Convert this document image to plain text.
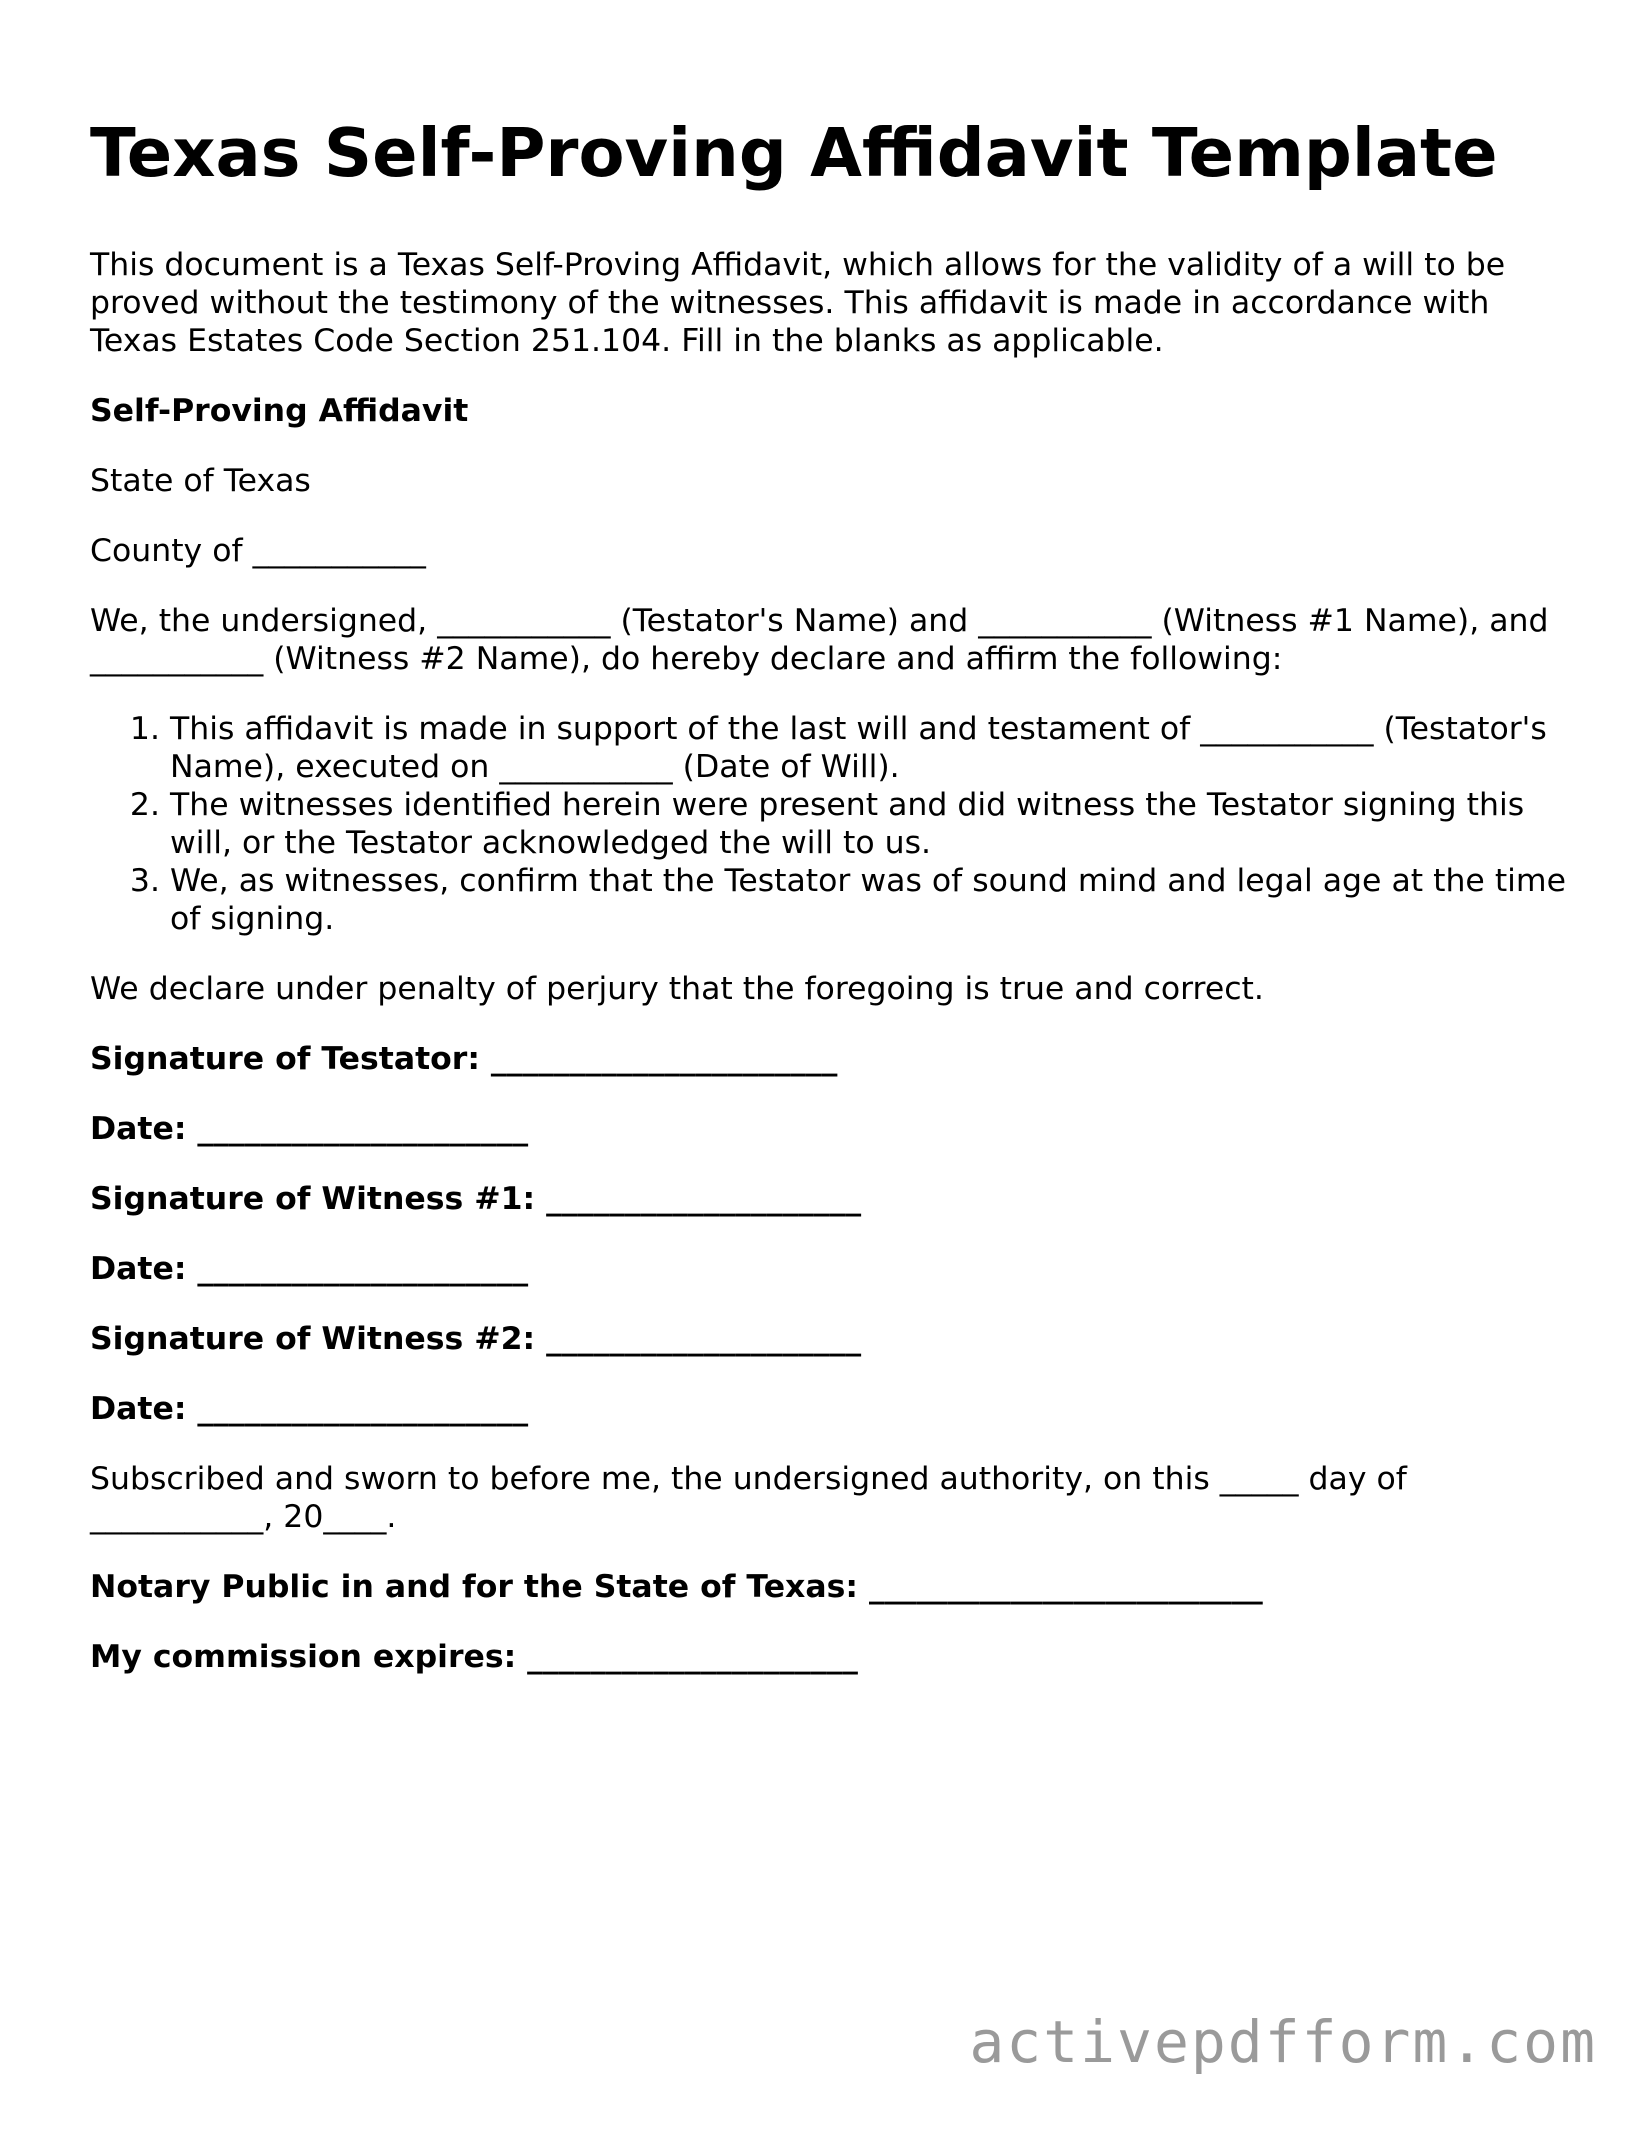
Texas Self-Proving Affidavit Template

This document is a Texas Self-Proving Affidavit, which allows for the validity of a will to be proved without the testimony of the witnesses. This affidavit is made in accordance with Texas Estates Code Section 251.104. Fill in the blanks as applicable.

Self-Proving Affidavit

State of Texas

County of ___________

We, the undersigned, ___________ (Testator's Name) and ___________ (Witness #1 Name), and ___________ (Witness #2 Name), do hereby declare and affirm the following:

1. This affidavit is made in support of the last will and testament of ___________ (Testator's Name), executed on ___________ (Date of Will).
2. The witnesses identified herein were present and did witness the Testator signing this will, or the Testator acknowledged the will to us.
3. We, as witnesses, confirm that the Testator was of sound mind and legal age at the time of signing.

We declare under penalty of perjury that the foregoing is true and correct.

Signature of Testator: ______________________

Date: _____________________

Signature of Witness #1: ____________________

Date: _____________________

Signature of Witness #2: ____________________

Date: _____________________

Subscribed and sworn to before me, the undersigned authority, on this _____ day of ___________, 20____.

Notary Public in and for the State of Texas: _________________________

My commission expires: _____________________

activepdfform.com
